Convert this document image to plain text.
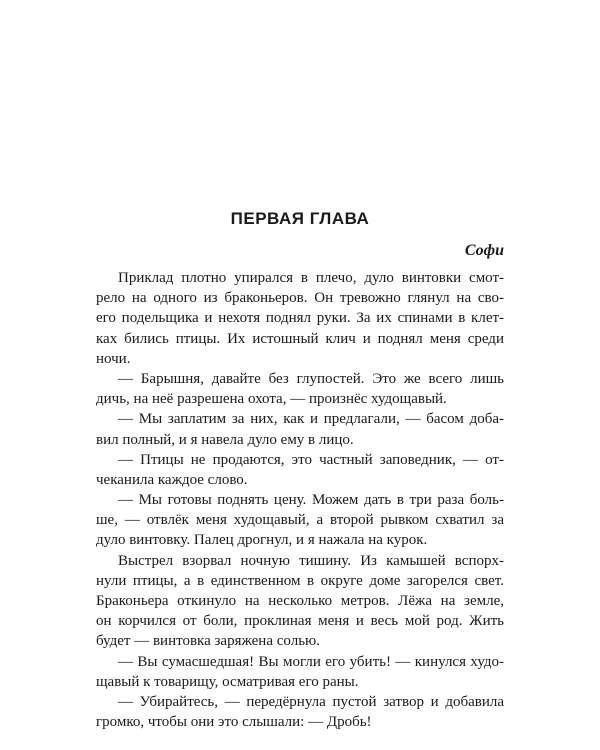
ПЕРВАЯ ГЛАВА

Софи

Приклад плотно упирался в плечо, дуло винтовки смот-
рело на одного из браконьеров. Он тревожно глянул на сво-
его подельщика и нехотя поднял руки. За их спинами в клет-
ках бились птицы. Их истошный клич и поднял меня среди
ночи.
— Барышня, давайте без глупостей. Это же всего лишь
дичь, на неё разрешена охота, — произнёс худощавый.
— Мы заплатим за них, как и предлагали, — басом доба-
вил полный, и я навела дуло ему в лицо.
— Птицы не продаются, это частный заповедник, — от-
чеканила каждое слово.
— Мы готовы поднять цену. Можем дать в три раза боль-
ше, — отвлёк меня худощавый, а второй рывком схватил за
дуло винтовку. Палец дрогнул, и я нажала на курок.
Выстрел взорвал ночную тишину. Из камышей вспорх-
нули птицы, а в единственном в округе доме загорелся свет.
Браконьера откинуло на несколько метров. Лёжа на земле,
он корчился от боли, проклиная меня и весь мой род. Жить
будет — винтовка заряжена солью.
— Вы сумасшедшая! Вы могли его убить! — кинулся худо-
щавый к товарищу, осматривая его раны.
— Убирайтесь, — передёрнула пустой затвор и добавила
громко, чтобы они это слышали: — Дробь!
